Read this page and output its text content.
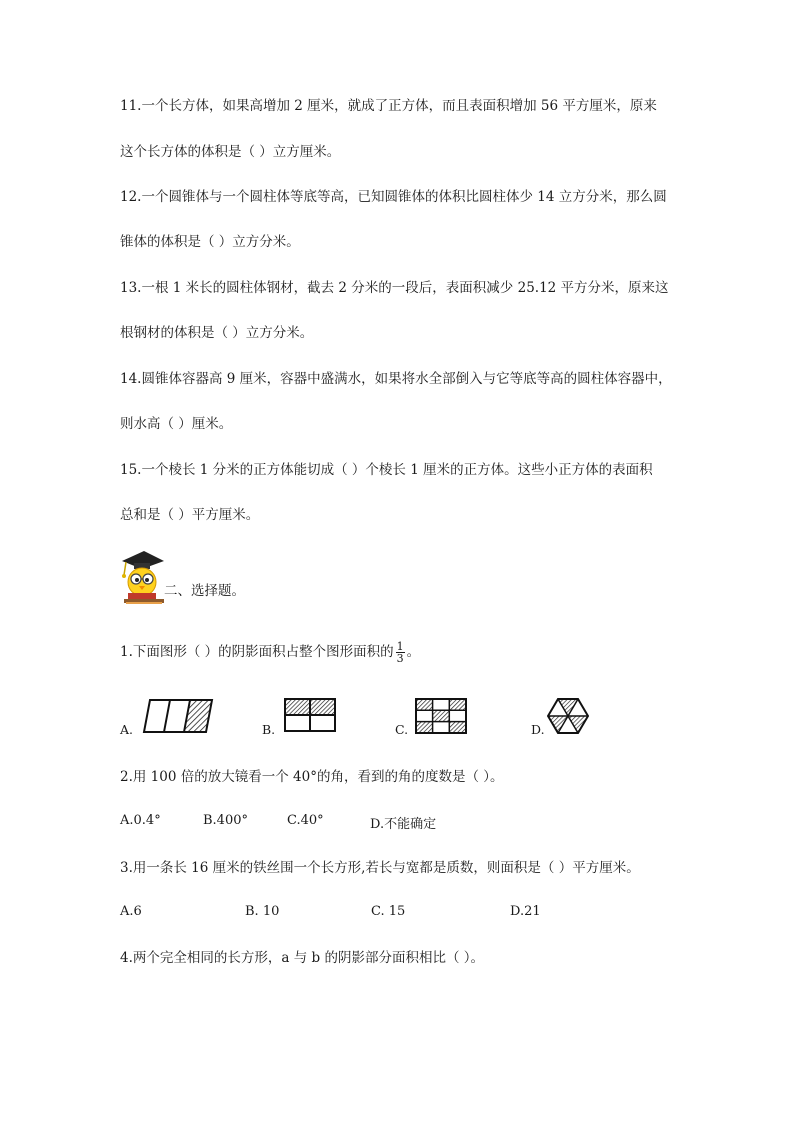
11.一个长方体，如果高增加 2 厘米，就成了正方体，而且表面积增加 56 平方厘米，原来
这个长方体的体积是（ ）立方厘米。
12.一个圆锥体与一个圆柱体等底等高，已知圆锥体的体积比圆柱体少 14 立方分米，那么圆
锥体的体积是（ ）立方分米。
13.一根 1 米长的圆柱体钢材，截去 2 分米的一段后，表面积减少 25.12 平方分米，原来这
根钢材的体积是（ ）立方分米。
14.圆锥体容器高 9 厘米，容器中盛满水，如果将水全部倒入与它等底等高的圆柱体容器中，
则水高（ ）厘米。
15.一个棱长 1 分米的正方体能切成（ ）个棱长 1 厘米的正方体。这些小正方体的表面积
总和是（ ）平方厘米。
二、选择题。
1.下面图形（ ）的阴影面积占整个图形面积的 $\frac{1}{3}$ 。
A.	B.	C.	D.
2.用 100 倍的放大镜看一个 40°的角，看到的角的度数是（ ）。
A.0.4°	B.400°	C.40°	D.不能确定
3.用一条长 16 厘米的铁丝围一个长方形,若长与宽都是质数，则面积是（ ）平方厘米。
A.6	B. 10	C. 15	D.21
4.两个完全相同的长方形，a 与 b 的阴影部分面积相比（ ）。
